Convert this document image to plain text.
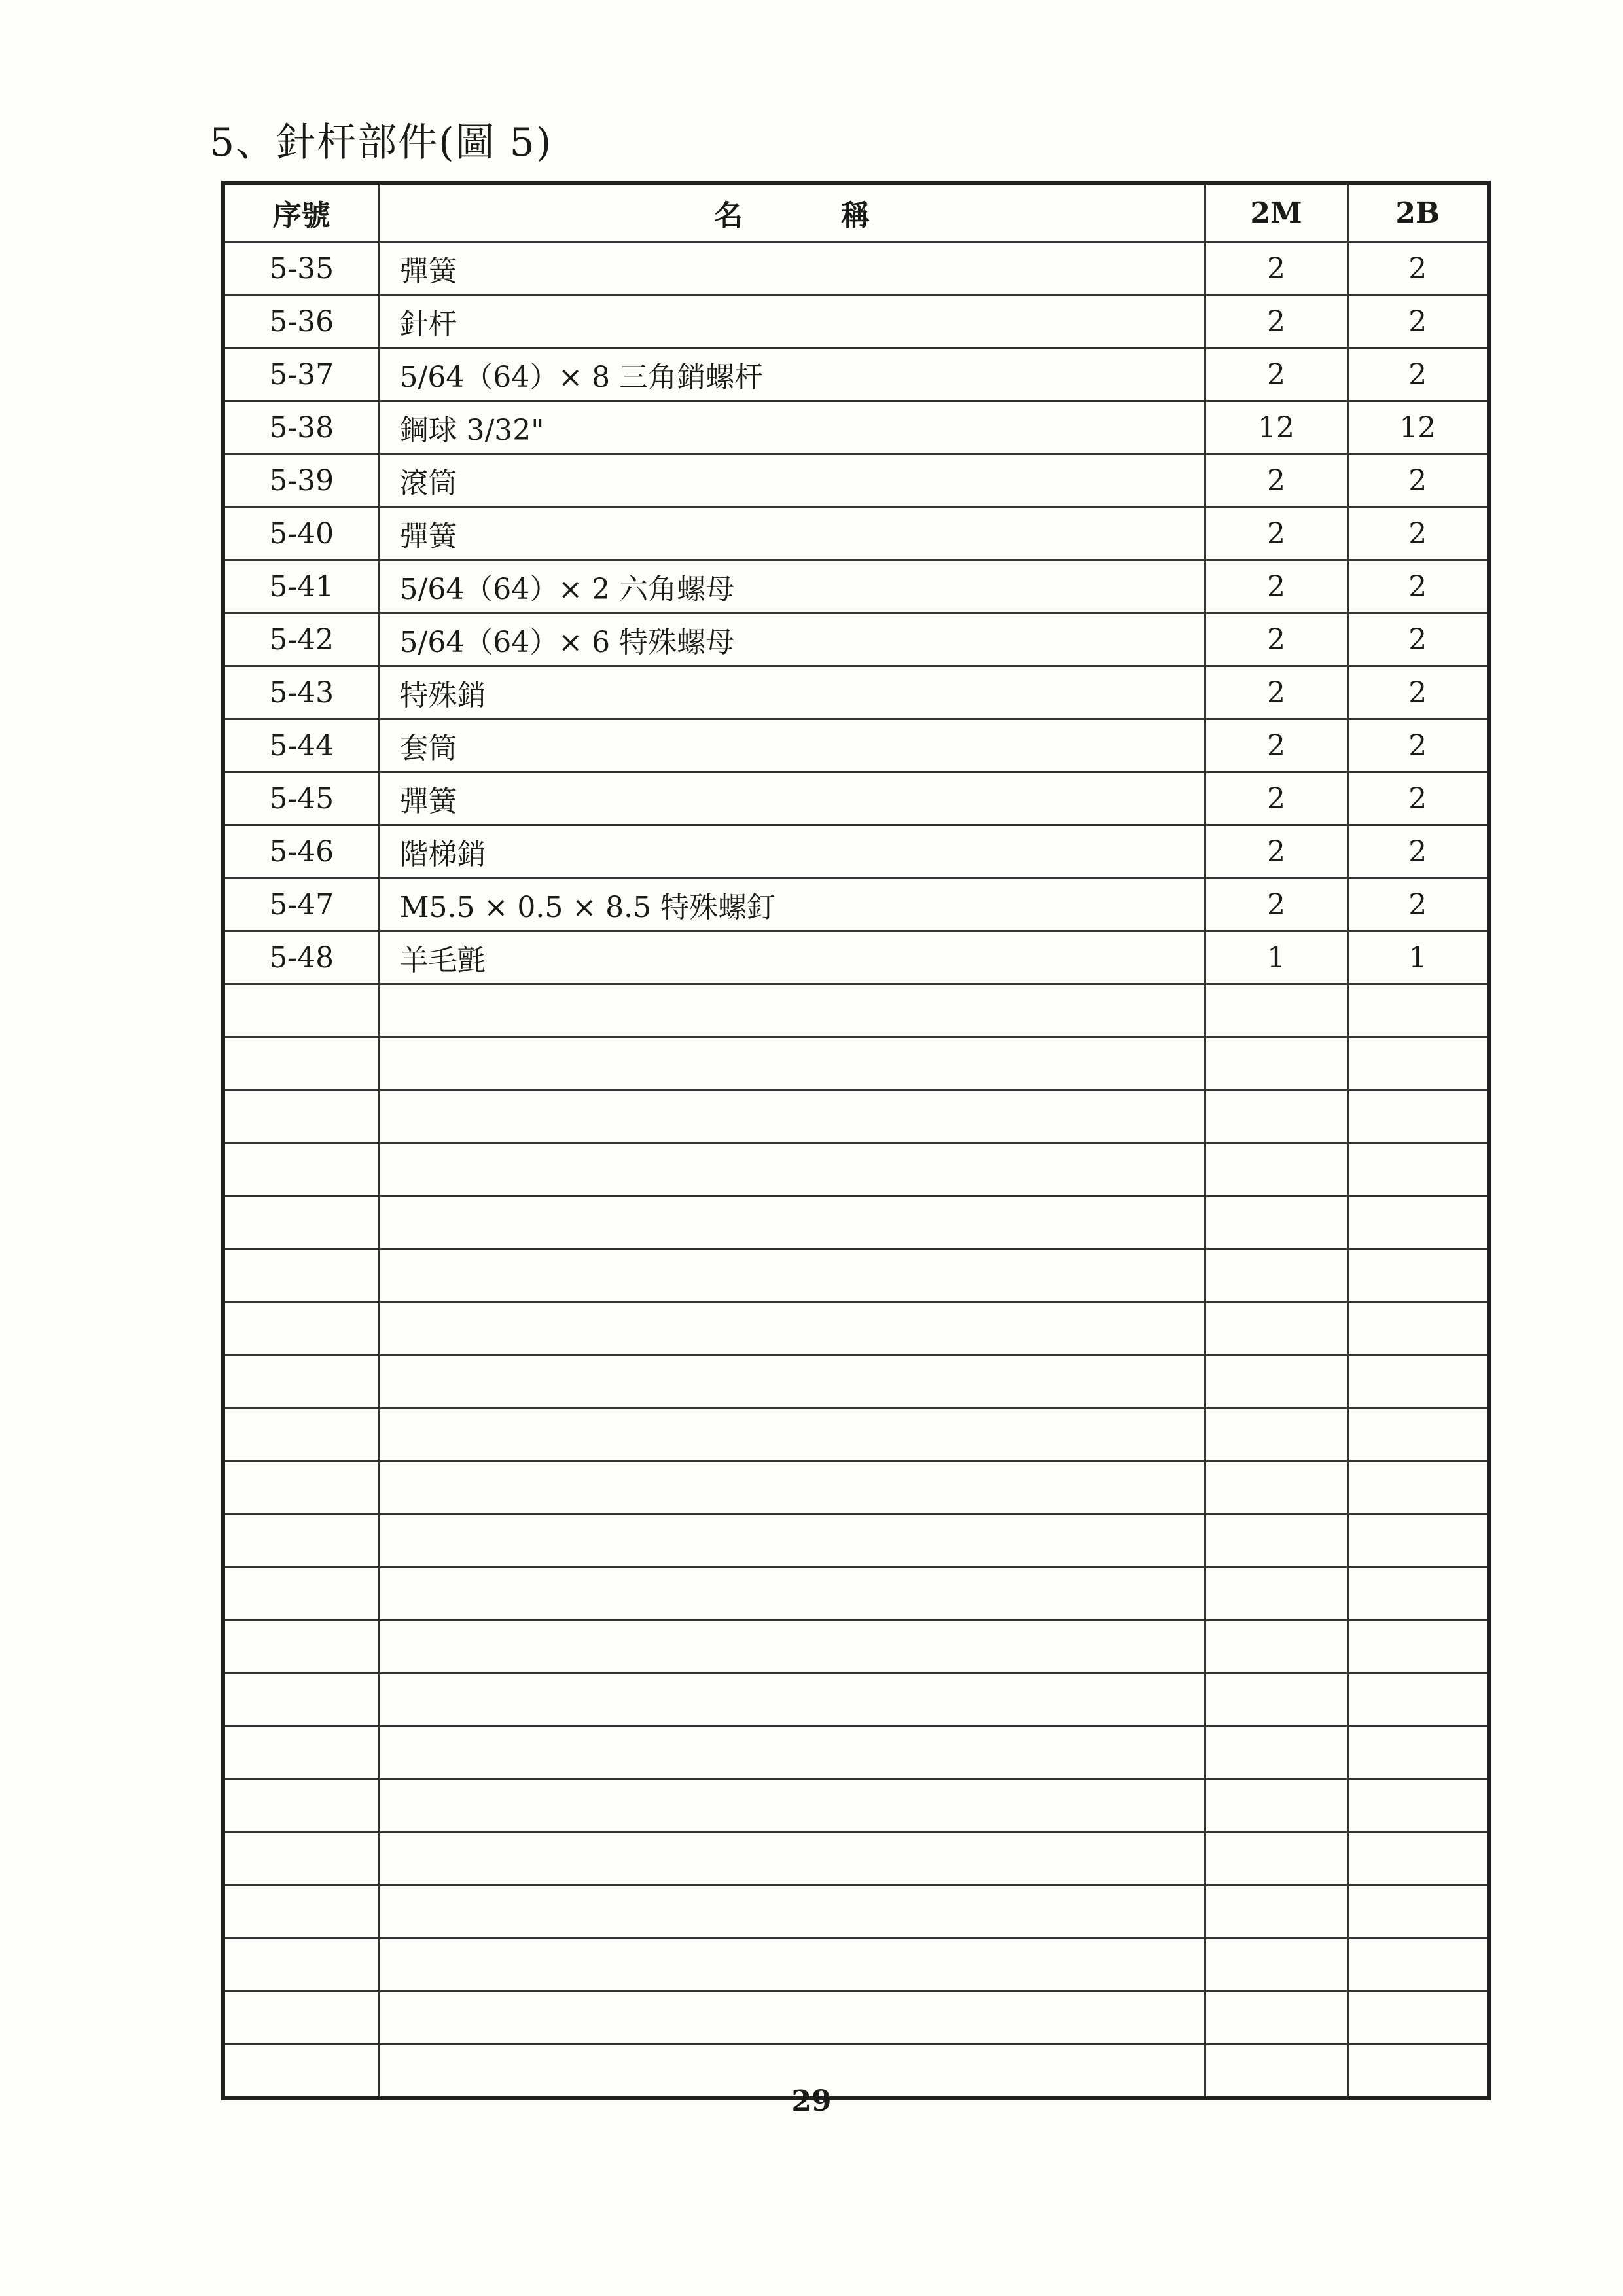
5、針杆部件(圖 5)
序號	名稱	2M	2B
5-35	彈簧	2	2
5-36	針杆	2	2
5-37	5/64（64）× 8 三角銷螺杆	2	2
5-38	鋼球 3/32"	12	12
5-39	滾筒	2	2
5-40	彈簧	2	2
5-41	5/64（64）× 2 六角螺母	2	2
5-42	5/64（64）× 6 特殊螺母	2	2
5-43	特殊銷	2	2
5-44	套筒	2	2
5-45	彈簧	2	2
5-46	階梯銷	2	2
5-47	M5.5 × 0.5 × 8.5 特殊螺釘	2	2
5-48	羊毛氈	1	1

29
